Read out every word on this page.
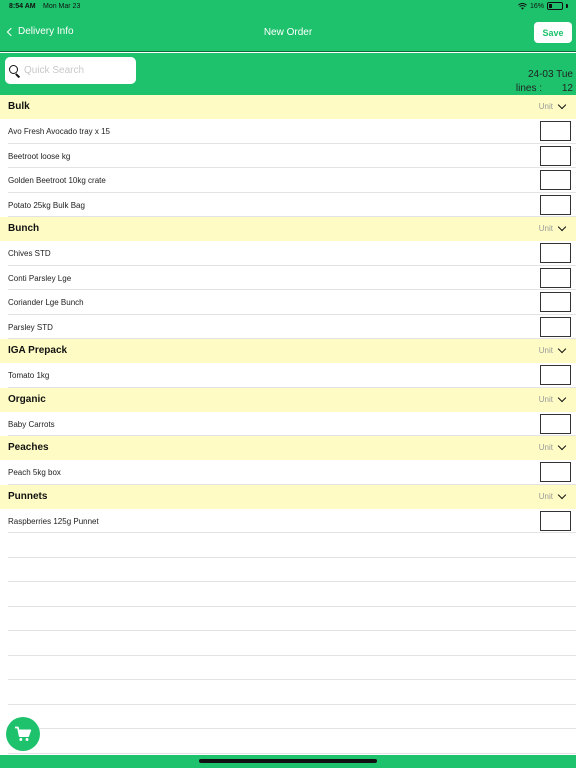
8:54 AM Mon Mar 23	16%
Delivery Info	New Order	Save
Quick Search
24-03 Tue
lines : 12
Bulk	Unit
Avo Fresh Avocado tray x 15
Beetroot loose kg
Golden Beetroot 10kg crate
Potato 25kg Bulk Bag
Bunch	Unit
Chives STD
Conti Parsley Lge
Coriander Lge Bunch
Parsley STD
IGA Prepack	Unit
Tomato 1kg
Organic	Unit
Baby Carrots
Peaches	Unit
Peach 5kg box
Punnets	Unit
Raspberries 125g Punnet
